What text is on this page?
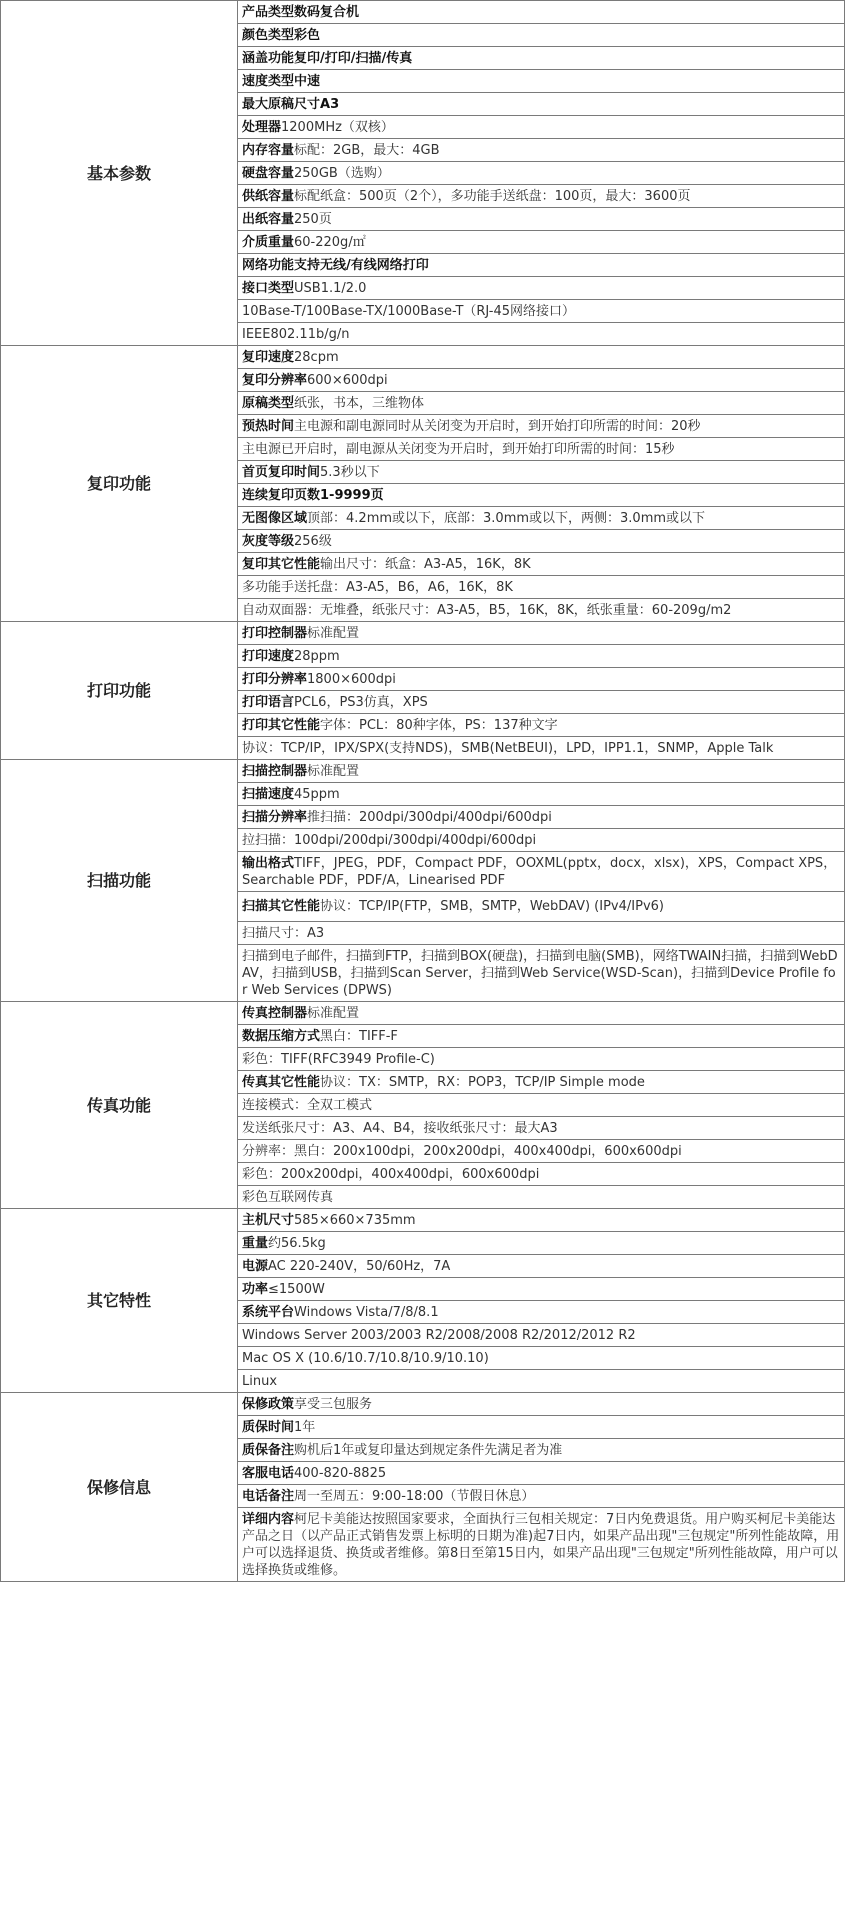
基本参数	产品类型数码复合机
	颜色类型彩色
	涵盖功能复印/打印/扫描/传真
	速度类型中速
	最大原稿尺寸A3
	处理器1200MHz（双核）
	内存容量标配：2GB，最大：4GB
	硬盘容量250GB（选购）
	供纸容量标配纸盒：500页（2个），多功能手送纸盘：100页，最大：3600页
	出纸容量250页
	介质重量60-220g/㎡
	网络功能支持无线/有线网络打印
	接口类型USB1.1/2.0
	10Base-T/100Base-TX/1000Base-T（RJ-45网络接口）
	IEEE802.11b/g/n
复印功能	复印速度28cpm
	复印分辨率600×600dpi
	原稿类型纸张，书本，三维物体
	预热时间主电源和副电源同时从关闭变为开启时，到开始打印所需的时间：20秒
	主电源已开启时，副电源从关闭变为开启时，到开始打印所需的时间：15秒
	首页复印时间5.3秒以下
	连续复印页数1-9999页
	无图像区域顶部：4.2mm或以下，底部：3.0mm或以下，两侧：3.0mm或以下
	灰度等级256级
	复印其它性能输出尺寸：纸盒：A3-A5，16K，8K
	多功能手送托盘：A3-A5，B6，A6，16K，8K
	自动双面器：无堆叠，纸张尺寸：A3-A5，B5，16K，8K，纸张重量：60-209g/m2
打印功能	打印控制器标准配置
	打印速度28ppm
	打印分辨率1800×600dpi
	打印语言PCL6，PS3仿真，XPS
	打印其它性能字体：PCL：80种字体，PS：137种文字
	协议：TCP/IP，IPX/SPX(支持NDS)，SMB(NetBEUI)，LPD，IPP1.1，SNMP，Apple Talk
扫描功能	扫描控制器标准配置
	扫描速度45ppm
	扫描分辨率推扫描：200dpi/300dpi/400dpi/600dpi
	拉扫描：100dpi/200dpi/300dpi/400dpi/600dpi
	输出格式TIFF，JPEG，PDF，Compact PDF，OOXML(pptx，docx，xlsx)，XPS，Compact XPS，Searchable PDF，PDF/A，Linearised PDF
	扫描其它性能协议：TCP/IP(FTP，SMB，SMTP，WebDAV) (IPv4/IPv6)
	扫描尺寸：A3
	扫描到电子邮件，扫描到FTP，扫描到BOX(硬盘)，扫描到电脑(SMB)，网络TWAIN扫描，扫描到WebDAV，扫描到USB，扫描到Scan Server，扫描到Web Service(WSD-Scan)，扫描到Device Profile for Web Services (DPWS)
传真功能	传真控制器标准配置
	数据压缩方式黑白：TIFF-F
	彩色：TIFF(RFC3949 Profile-C)
	传真其它性能协议：TX：SMTP，RX：POP3，TCP/IP Simple mode
	连接模式：全双工模式
	发送纸张尺寸：A3、A4、B4，接收纸张尺寸：最大A3
	分辨率：黑白：200x100dpi，200x200dpi，400x400dpi，600x600dpi
	彩色：200x200dpi，400x400dpi，600x600dpi
	彩色互联网传真
其它特性	主机尺寸585×660×735mm
	重量约56.5kg
	电源AC 220-240V，50/60Hz，7A
	功率≤1500W
	系统平台Windows Vista/7/8/8.1
	Windows Server 2003/2003 R2/2008/2008 R2/2012/2012 R2
	Mac OS X (10.6/10.7/10.8/10.9/10.10)
	Linux
保修信息	保修政策享受三包服务
	质保时间1年
	质保备注购机后1年或复印量达到规定条件先满足者为准
	客服电话400-820-8825
	电话备注周一至周五：9:00-18:00（节假日休息）
	详细内容柯尼卡美能达按照国家要求，全面执行三包相关规定：7日内免费退货。用户购买柯尼卡美能达产品之日（以产品正式销售发票上标明的日期为准)起7日内，如果产品出现"三包规定"所列性能故障，用户可以选择退货、换货或者维修。第8日至第15日内，如果产品出现"三包规定"所列性能故障，用户可以选择换货或维修。
